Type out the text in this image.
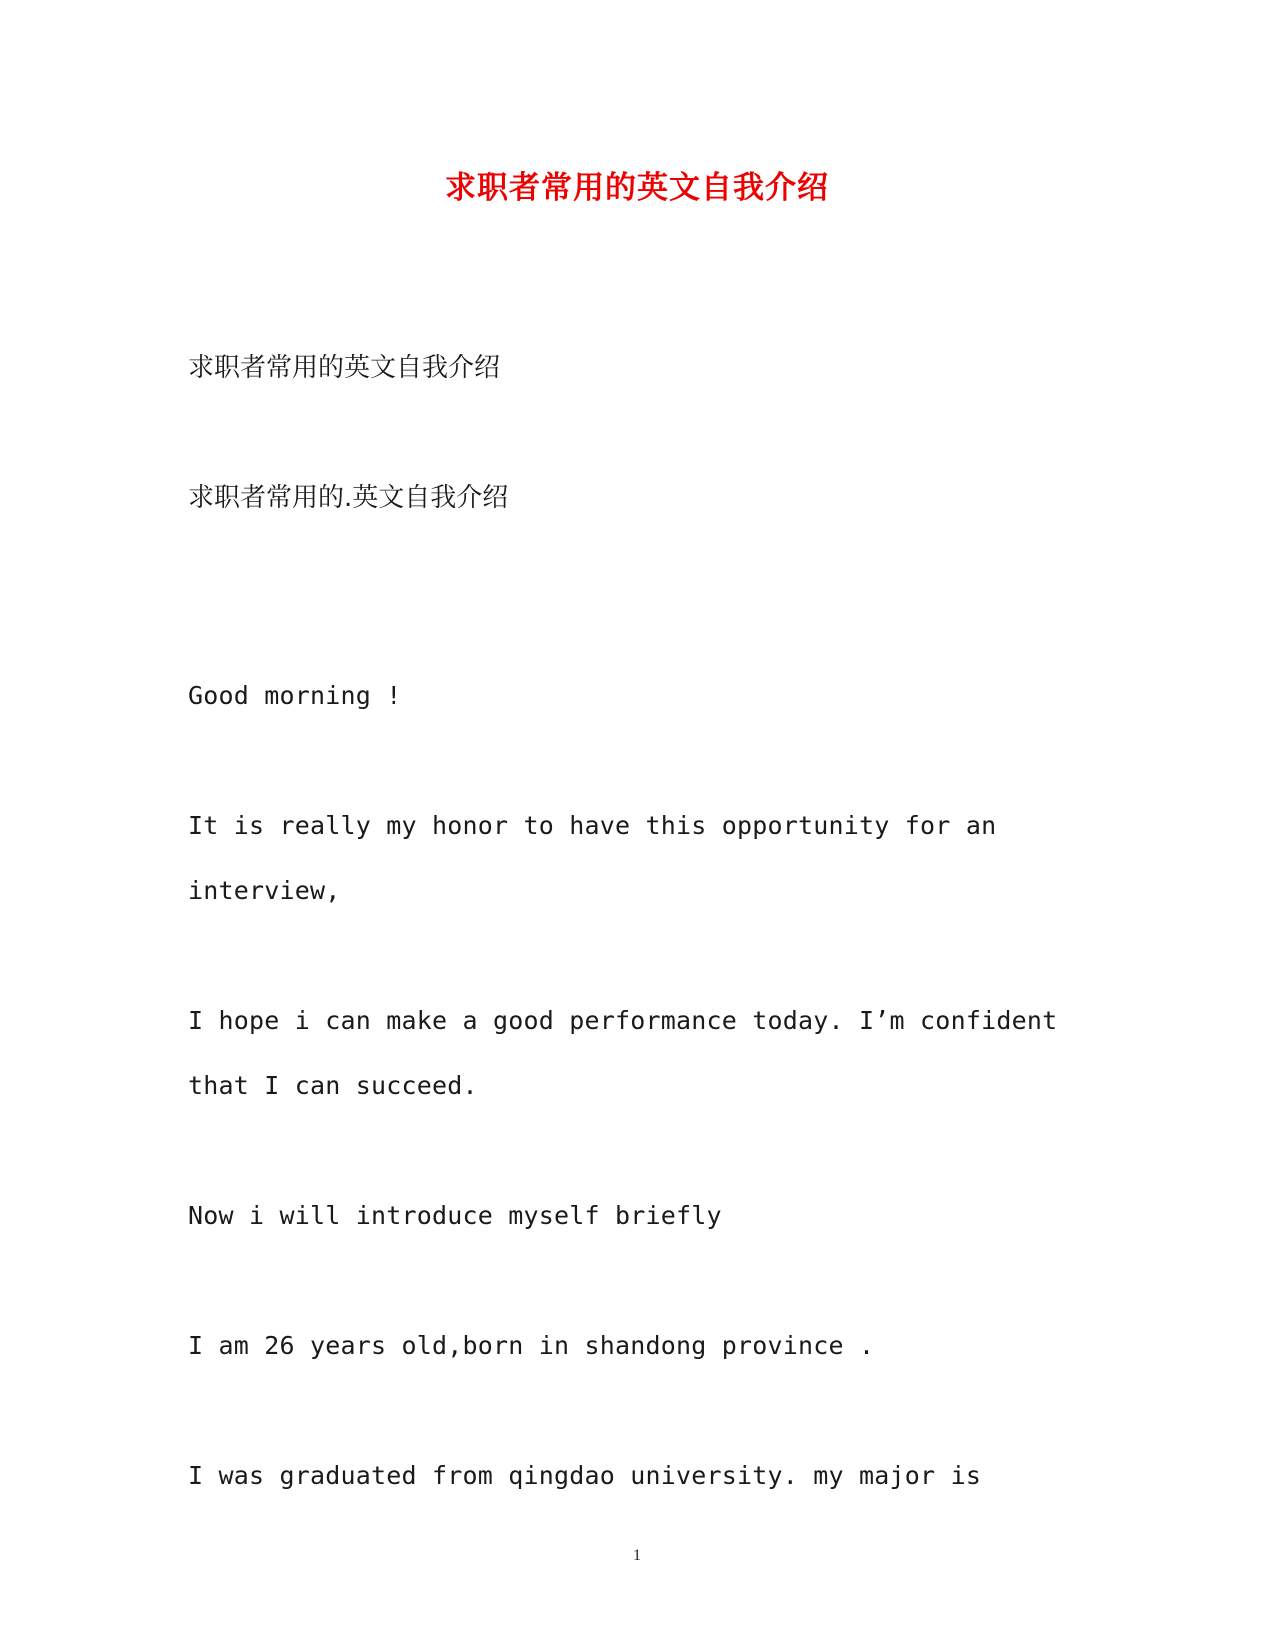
求职者常用的英文自我介绍
求职者常用的英文自我介绍
求职者常用的.英文自我介绍
Good morning !
It is really my honor to have this opportunity for an
interview,
I hope i can make a good performance today. I’m confident
that I can succeed.
Now i will introduce myself briefly
I am 26 years old,born in shandong province .
I was graduated from qingdao university. my major is
1
